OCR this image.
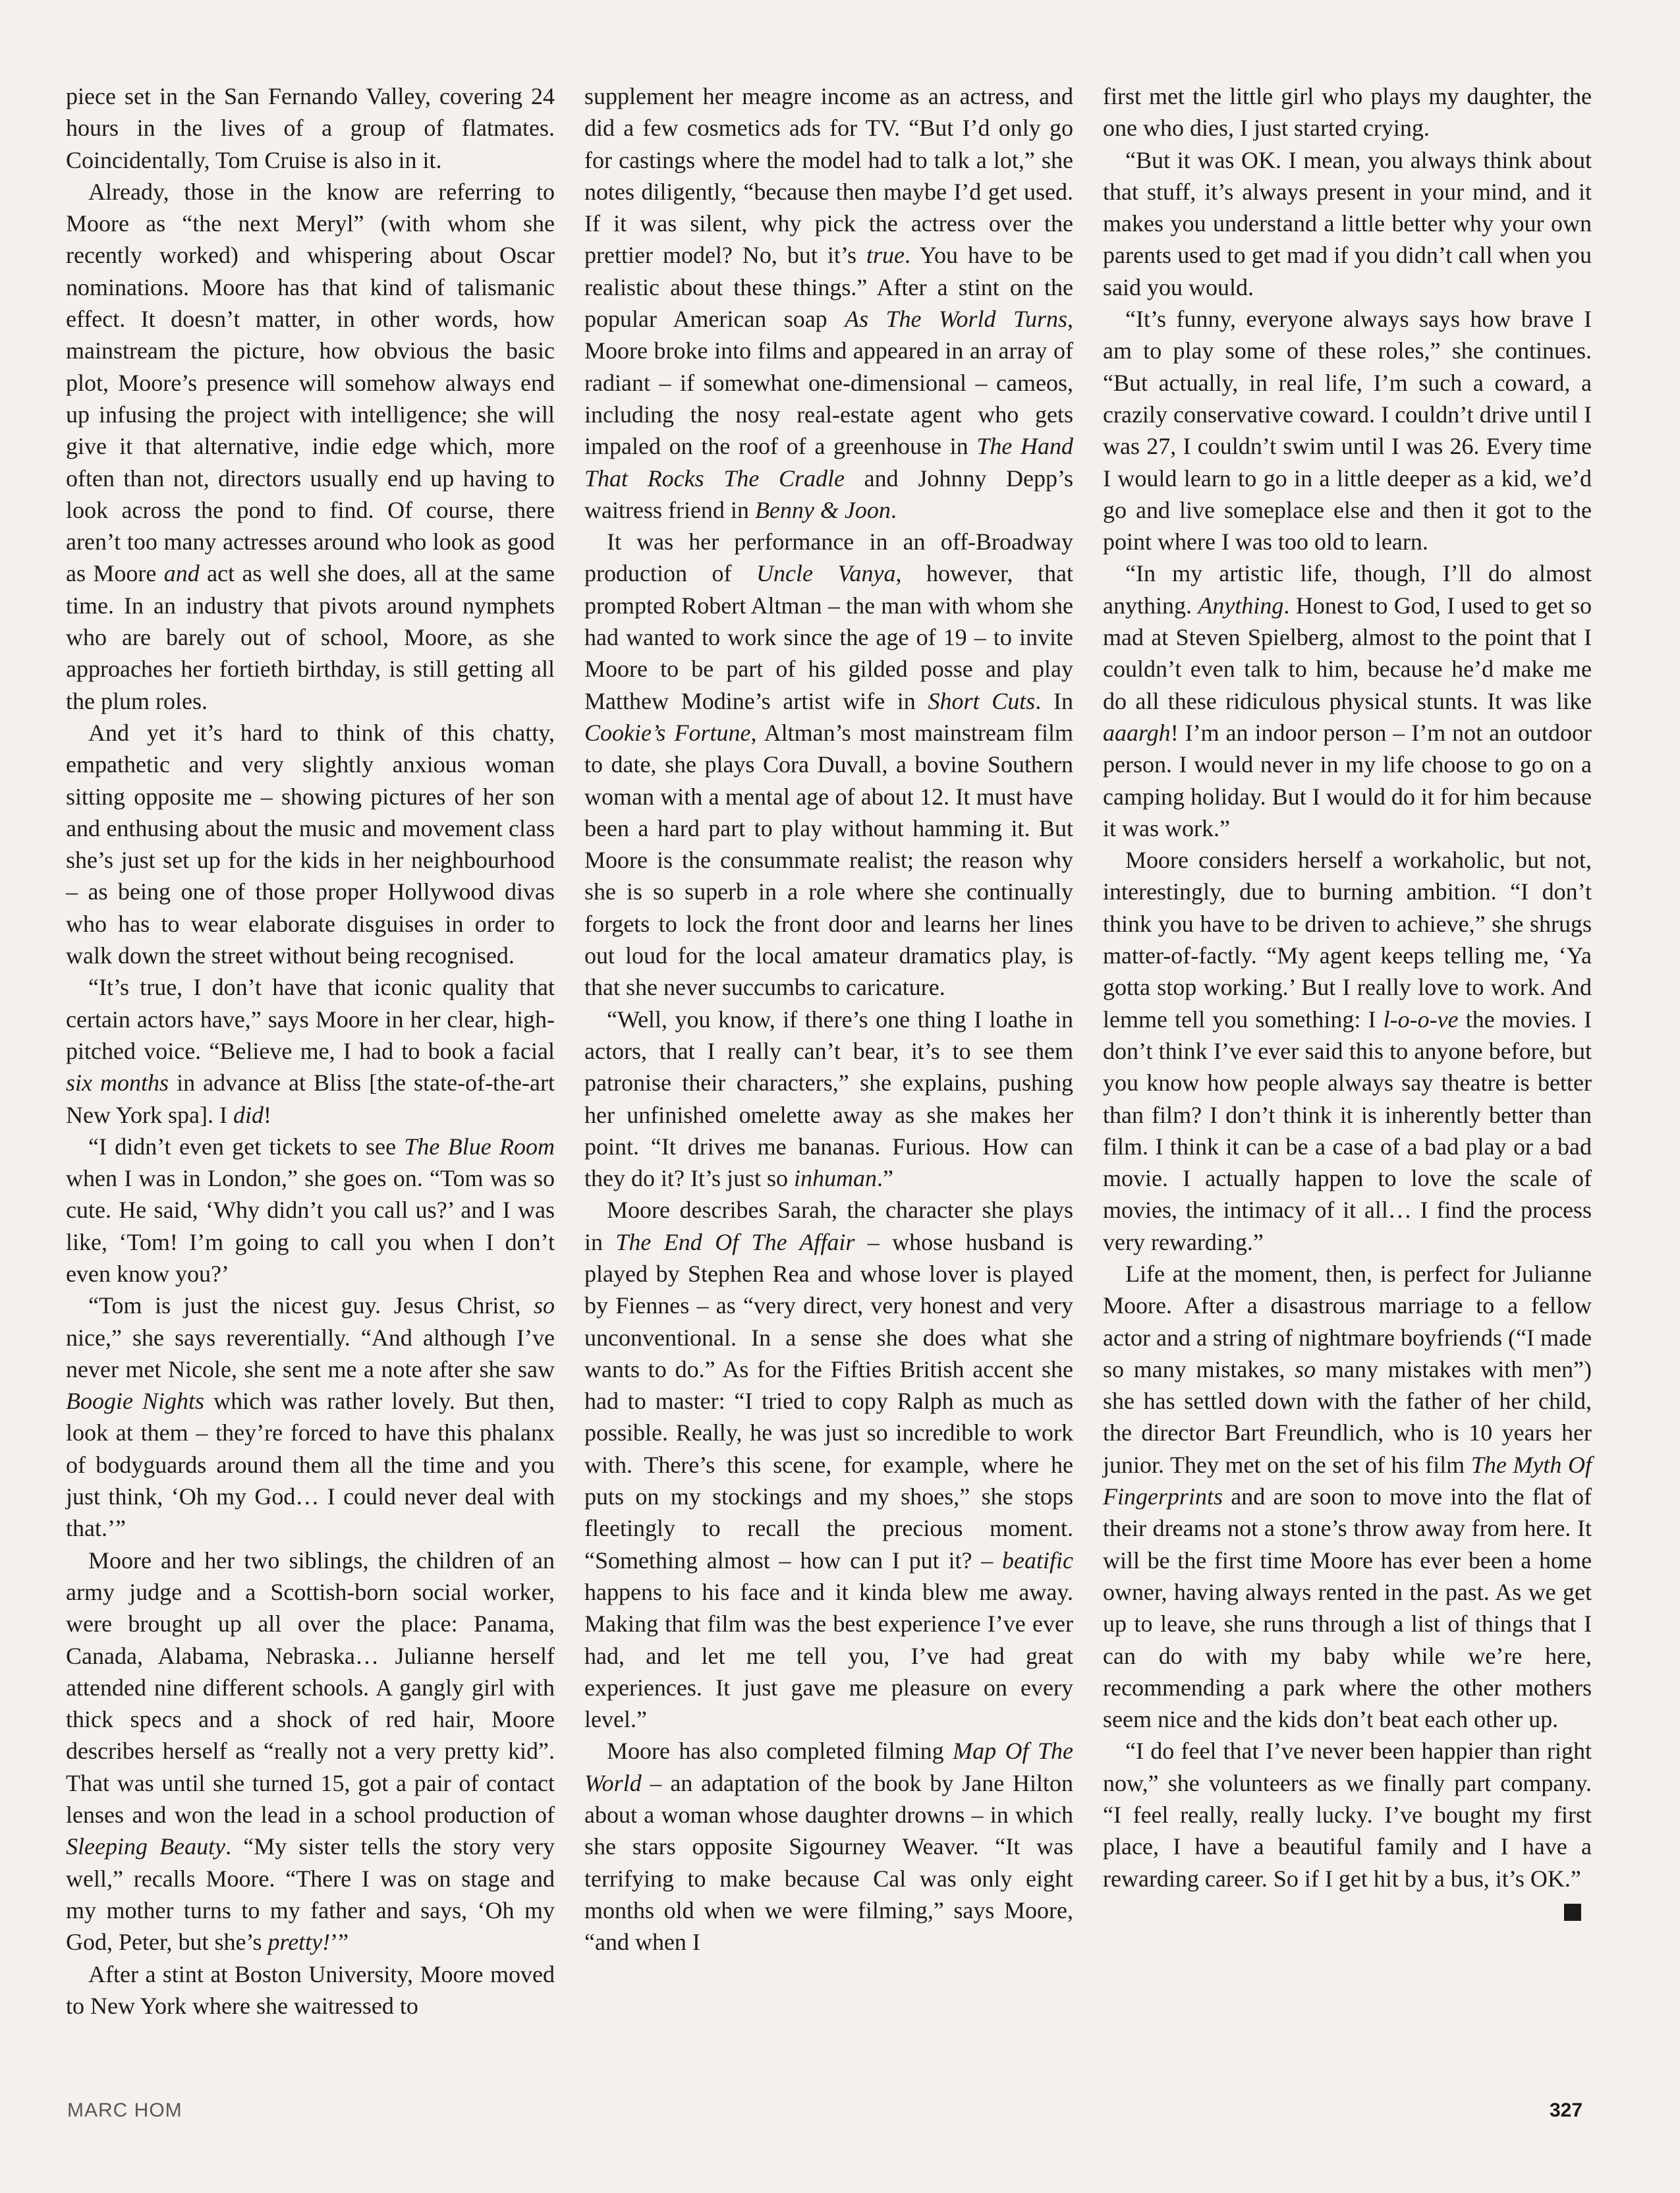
piece set in the San Fernando Valley, covering 24 hours in the lives of a group of flatmates. Coincidentally, Tom Cruise is also in it.

Already, those in the know are referring to Moore as “the next Meryl” (with whom she recently worked) and whispering about Oscar nominations. Moore has that kind of talismanic effect. It doesn’t matter, in other words, how mainstream the picture, how obvious the basic plot, Moore’s presence will somehow always end up infusing the project with intelligence; she will give it that alternative, indie edge which, more often than not, directors usually end up having to look across the pond to find. Of course, there aren’t too many actresses around who look as good as Moore and act as well she does, all at the same time. In an industry that pivots around nymphets who are barely out of school, Moore, as she approaches her fortieth birthday, is still getting all the plum roles.

And yet it’s hard to think of this chatty, empathetic and very slightly anxious woman sitting opposite me – showing pictures of her son and enthusing about the music and movement class she’s just set up for the kids in her neighbourhood – as being one of those proper Hollywood divas who has to wear elaborate disguises in order to walk down the street without being recognised.

“It’s true, I don’t have that iconic quality that certain actors have,” says Moore in her clear, high-pitched voice. “Believe me, I had to book a facial six months in advance at Bliss [the state-of-the-art New York spa]. I did!

“I didn’t even get tickets to see The Blue Room when I was in London,” she goes on. “Tom was so cute. He said, ‘Why didn’t you call us?’ and I was like, ‘Tom! I’m going to call you when I don’t even know you?’

“Tom is just the nicest guy. Jesus Christ, so nice,” she says reverentially. “And although I’ve never met Nicole, she sent me a note after she saw Boogie Nights which was rather lovely. But then, look at them – they’re forced to have this phalanx of bodyguards around them all the time and you just think, ‘Oh my God… I could never deal with that.’”

Moore and her two siblings, the children of an army judge and a Scottish-born social worker, were brought up all over the place: Panama, Canada, Alabama, Nebraska… Julianne herself attended nine different schools. A gangly girl with thick specs and a shock of red hair, Moore describes herself as “really not a very pretty kid”. That was until she turned 15, got a pair of contact lenses and won the lead in a school production of Sleeping Beauty. “My sister tells the story very well,” recalls Moore. “There I was on stage and my mother turns to my father and says, ‘Oh my God, Peter, but she’s pretty!’”

After a stint at Boston University, Moore moved to New York where she waitressed to

supplement her meagre income as an actress, and did a few cosmetics ads for TV. “But I’d only go for castings where the model had to talk a lot,” she notes diligently, “because then maybe I’d get used. If it was silent, why pick the actress over the prettier model? No, but it’s true. You have to be realistic about these things.” After a stint on the popular American soap As The World Turns, Moore broke into films and appeared in an array of radiant – if somewhat one-dimensional – cameos, including the nosy real-estate agent who gets impaled on the roof of a greenhouse in The Hand That Rocks The Cradle and Johnny Depp’s waitress friend in Benny & Joon.

It was her performance in an off-Broadway production of Uncle Vanya, however, that prompted Robert Altman – the man with whom she had wanted to work since the age of 19 – to invite Moore to be part of his gilded posse and play Matthew Modine’s artist wife in Short Cuts. In Cookie’s Fortune, Altman’s most mainstream film to date, she plays Cora Duvall, a bovine Southern woman with a mental age of about 12. It must have been a hard part to play without hamming it. But Moore is the consummate realist; the reason why she is so superb in a role where she continually forgets to lock the front door and learns her lines out loud for the local amateur dramatics play, is that she never succumbs to caricature.

“Well, you know, if there’s one thing I loathe in actors, that I really can’t bear, it’s to see them patronise their characters,” she explains, pushing her unfinished omelette away as she makes her point. “It drives me bananas. Furious. How can they do it? It’s just so inhuman.”

Moore describes Sarah, the character she plays in The End Of The Affair – whose husband is played by Stephen Rea and whose lover is played by Fiennes – as “very direct, very honest and very unconventional. In a sense she does what she wants to do.” As for the Fifties British accent she had to master: “I tried to copy Ralph as much as possible. Really, he was just so incredible to work with. There’s this scene, for example, where he puts on my stockings and my shoes,” she stops fleetingly to recall the precious moment. “Something almost – how can I put it? – beatific happens to his face and it kinda blew me away. Making that film was the best experience I’ve ever had, and let me tell you, I’ve had great experiences. It just gave me pleasure on every level.”

Moore has also completed filming Map Of The World – an adaptation of the book by Jane Hilton about a woman whose daughter drowns – in which she stars opposite Sigourney Weaver. “It was terrifying to make because Cal was only eight months old when we were filming,” says Moore, “and when I

first met the little girl who plays my daughter, the one who dies, I just started crying.

“But it was OK. I mean, you always think about that stuff, it’s always present in your mind, and it makes you understand a little better why your own parents used to get mad if you didn’t call when you said you would.

“It’s funny, everyone always says how brave I am to play some of these roles,” she continues. “But actually, in real life, I’m such a coward, a crazily conservative coward. I couldn’t drive until I was 27, I couldn’t swim until I was 26. Every time I would learn to go in a little deeper as a kid, we’d go and live someplace else and then it got to the point where I was too old to learn.

“In my artistic life, though, I’ll do almost anything. Anything. Honest to God, I used to get so mad at Steven Spielberg, almost to the point that I couldn’t even talk to him, because he’d make me do all these ridiculous physical stunts. It was like aaargh! I’m an indoor person – I’m not an outdoor person. I would never in my life choose to go on a camping holiday. But I would do it for him because it was work.”

Moore considers herself a workaholic, but not, interestingly, due to burning ambition. “I don’t think you have to be driven to achieve,” she shrugs matter-of-factly. “My agent keeps telling me, ‘Ya gotta stop working.’ But I really love to work. And lemme tell you something: I l-o-o-ve the movies. I don’t think I’ve ever said this to anyone before, but you know how people always say theatre is better than film? I don’t think it is inherently better than film. I think it can be a case of a bad play or a bad movie. I actually happen to love the scale of movies, the intimacy of it all… I find the process very rewarding.”

Life at the moment, then, is perfect for Julianne Moore. After a disastrous marriage to a fellow actor and a string of nightmare boyfriends (“I made so many mistakes, so many mistakes with men”) she has settled down with the father of her child, the director Bart Freundlich, who is 10 years her junior. They met on the set of his film The Myth Of Fingerprints and are soon to move into the flat of their dreams not a stone’s throw away from here. It will be the first time Moore has ever been a home owner, having always rented in the past. As we get up to leave, she runs through a list of things that I can do with my baby while we’re here, recommending a park where the other mothers seem nice and the kids don’t beat each other up.

“I do feel that I’ve never been happier than right now,” she volunteers as we finally part company. “I feel really, really lucky. I’ve bought my first place, I have a beautiful family and I have a rewarding career. So if I get hit by a bus, it’s OK.”

MARC HOM	327
